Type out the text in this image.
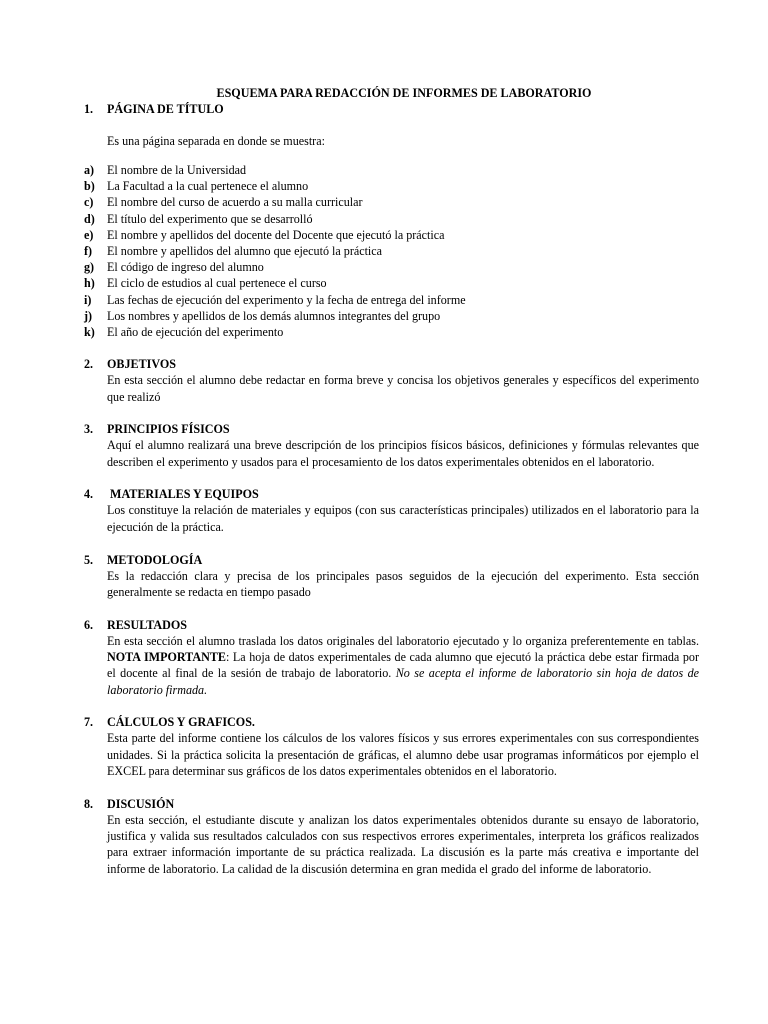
ESQUEMA PARA REDACCIÓN DE INFORMES DE LABORATORIO
1. PÁGINA DE TÍTULO
Es una página separada en donde se muestra:
a) El nombre de la Universidad
b) La Facultad a la cual pertenece el alumno
c) El nombre del curso de acuerdo a su malla curricular
d) El título del experimento que se desarrolló
e) El nombre y apellidos del docente del Docente que ejecutó la práctica
f) El nombre y apellidos del alumno que ejecutó la práctica
g) El código de ingreso del alumno
h) El ciclo de estudios al cual pertenece el curso
i) Las fechas de ejecución del experimento y la fecha de entrega del informe
j) Los nombres y apellidos de los demás alumnos integrantes del grupo
k) El año de ejecución del experimento
2. OBJETIVOS
En esta sección el alumno debe redactar en forma breve y concisa los objetivos generales y específicos del experimento que realizó
3. PRINCIPIOS FÍSICOS
Aquí el alumno realizará una breve descripción de los principios físicos básicos, definiciones y fórmulas relevantes que describen el experimento y usados para el procesamiento de los datos experimentales obtenidos en el laboratorio.
4. MATERIALES Y EQUIPOS
Los constituye la relación de materiales y equipos (con sus características principales) utilizados en el laboratorio para la ejecución de la práctica.
5. METODOLOGÍA
Es la redacción clara y precisa de los principales pasos seguidos de la ejecución del experimento. Esta sección generalmente se redacta en tiempo pasado
6. RESULTADOS
En esta sección el alumno traslada los datos originales del laboratorio ejecutado y lo organiza preferentemente en tablas. NOTA IMPORTANTE: La hoja de datos experimentales de cada alumno que ejecutó la práctica debe estar firmada por el docente al final de la sesión de trabajo de laboratorio. No se acepta el informe de laboratorio sin hoja de datos de laboratorio firmada.
7. CÁLCULOS Y GRAFICOS.
Esta parte del informe contiene los cálculos de los valores físicos y sus errores experimentales con sus correspondientes unidades. Si la práctica solicita la presentación de gráficas, el alumno debe usar programas informáticos por ejemplo el EXCEL para determinar sus gráficos de los datos experimentales obtenidos en el laboratorio.
8. DISCUSIÓN
En esta sección, el estudiante discute y analizan los datos experimentales obtenidos durante su ensayo de laboratorio, justifica y valida sus resultados calculados con sus respectivos errores experimentales, interpreta los gráficos realizados para extraer información importante de su práctica realizada. La discusión es la parte más creativa e importante del informe de laboratorio. La calidad de la discusión determina en gran medida el grado del informe de laboratorio.
